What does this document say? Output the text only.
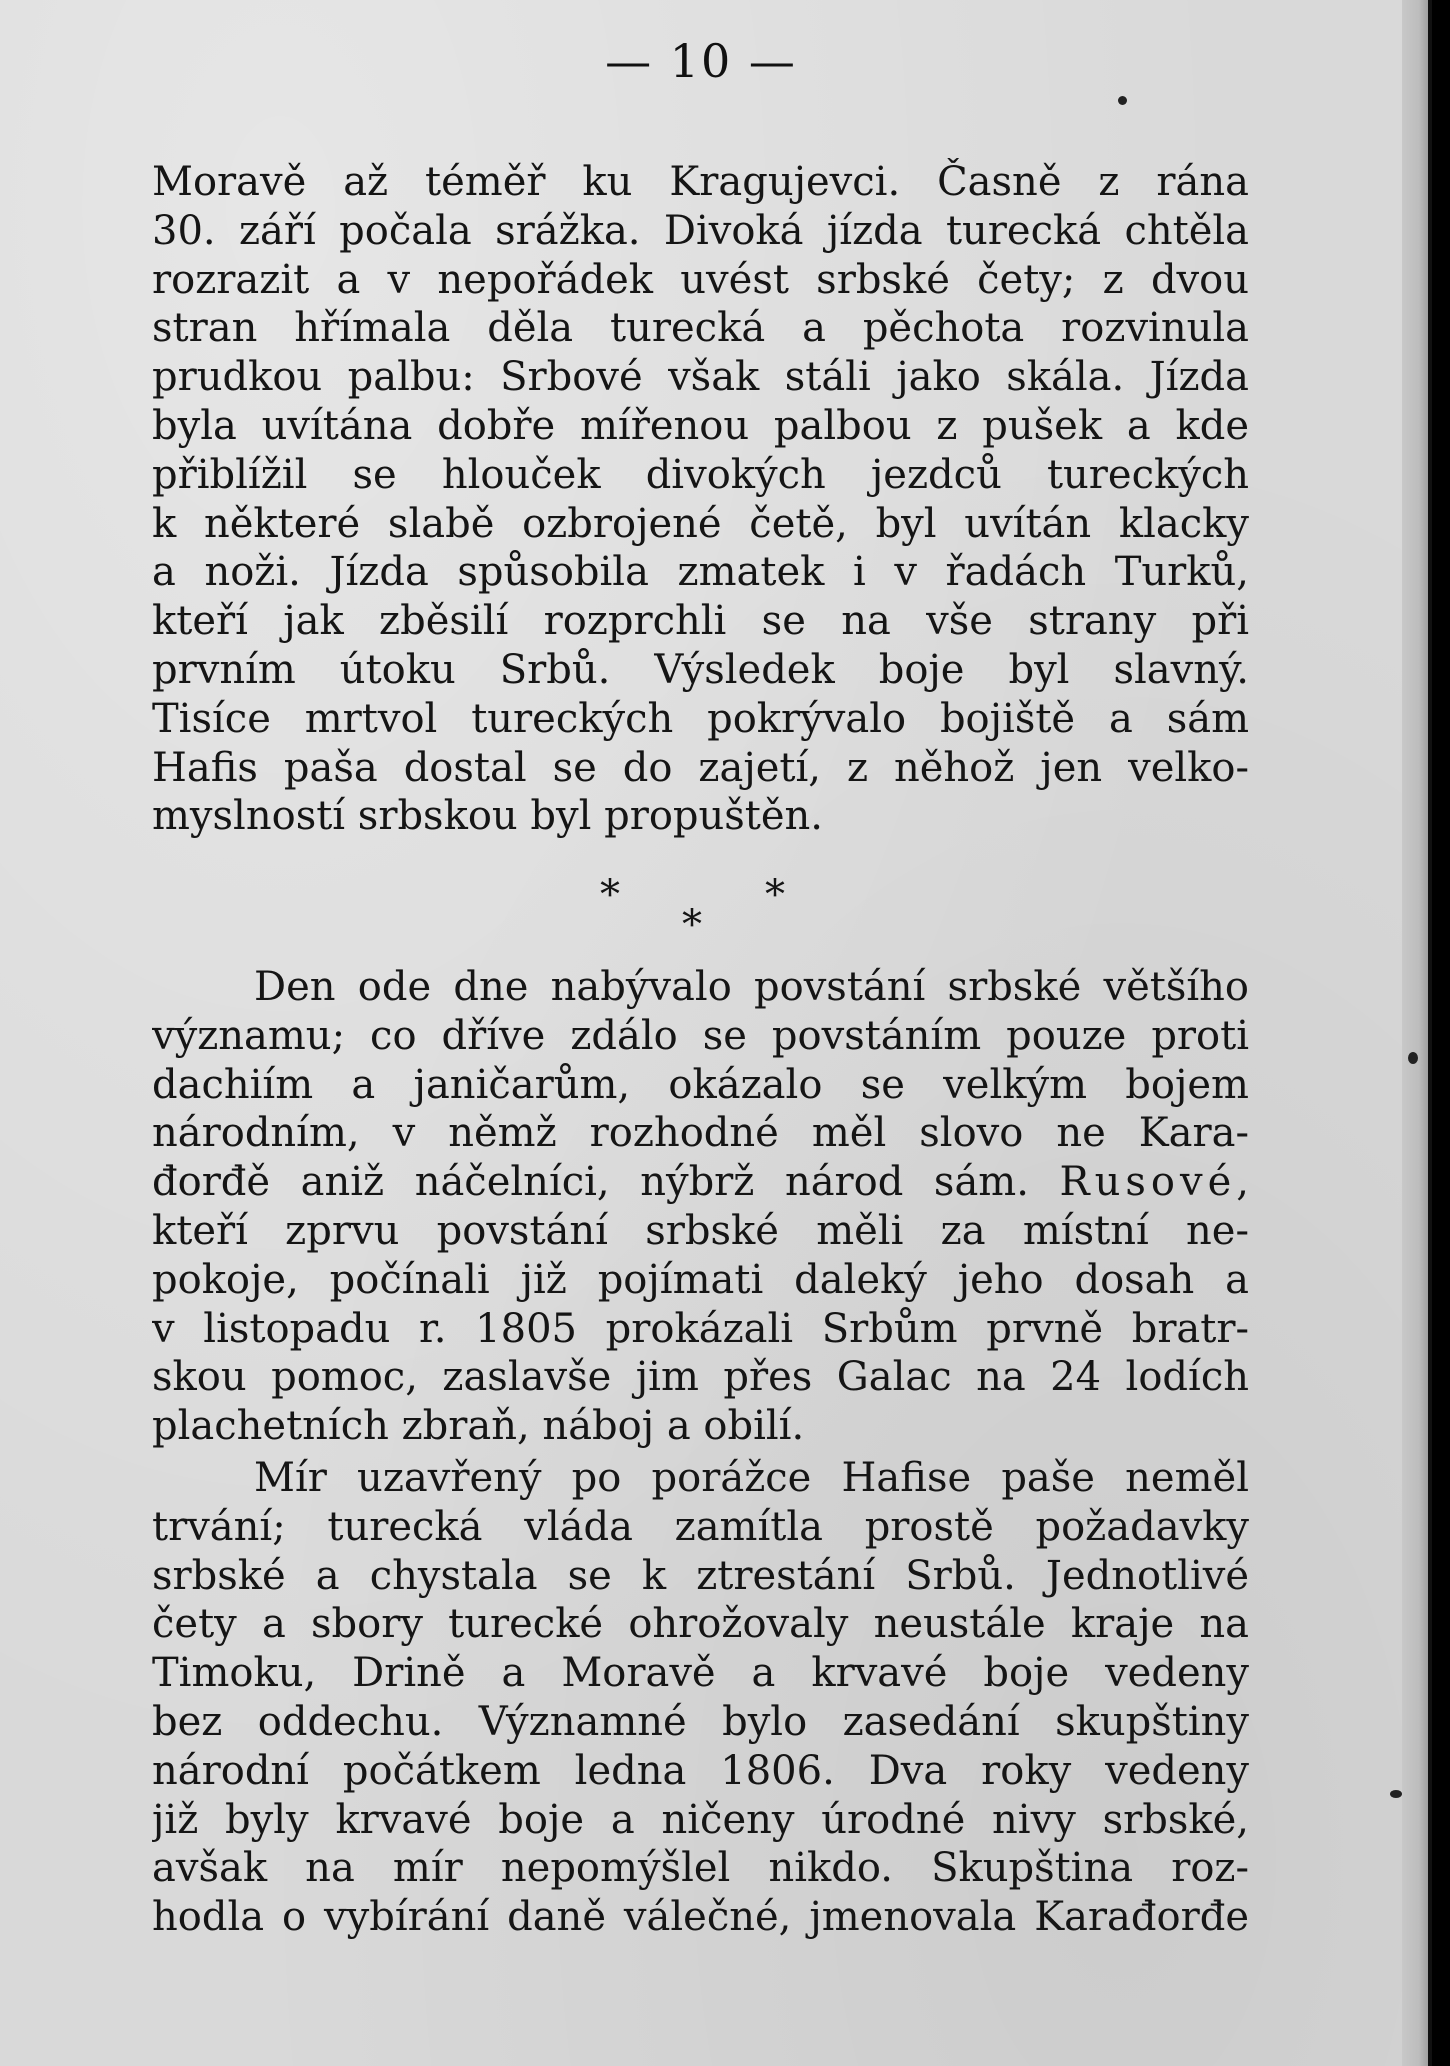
— 10 —
Moravě až téměř ku Kragujevci. Časně z rána
30. září počala srážka. Divoká jízda turecká chtěla
rozrazit a v nepořádek uvést srbské čety; z dvou
stran hřímala děla turecká a pěchota rozvinula
prudkou palbu: Srbové však stáli jako skála. Jízda
byla uvítána dobře mířenou palbou z pušek a kde
přiblížil se hlouček divokých jezdců tureckých
k některé slabě ozbrojené četě, byl uvítán klacky
a noži. Jízda spůsobila zmatek i v řadách Turků,
kteří jak zběsilí rozprchli se na vše strany při
prvním útoku Srbů. Výsledek boje byl slavný.
Tisíce mrtvol tureckých pokrývalo bojiště a sám
Hafis paša dostal se do zajetí, z něhož jen velko-
myslností srbskou byl propuštěn.
*	*
*
Den ode dne nabývalo povstání srbské většího
významu; co dříve zdálo se povstáním pouze proti
dachiím a janičarům, okázalo se velkým bojem
národním, v němž rozhodné měl slovo ne Kara-
đorđě aniž náčelníci, nýbrž národ sám. Rusové,
kteří zprvu povstání srbské měli za místní ne-
pokoje, počínali již pojímati daleký jeho dosah a
v listopadu r. 1805 prokázali Srbům prvně bratr-
skou pomoc, zaslavše jim přes Galac na 24 lodích
plachetních zbraň, náboj a obilí.
Mír uzavřený po porážce Hafise paše neměl
trvání; turecká vláda zamítla prostě požadavky
srbské a chystala se k ztrestání Srbů. Jednotlivé
čety a sbory turecké ohrožovaly neustále kraje na
Timoku, Drině a Moravě a krvavé boje vedeny
bez oddechu. Významné bylo zasedání skupštiny
národní počátkem ledna 1806. Dva roky vedeny
již byly krvavé boje a ničeny úrodné nivy srbské,
avšak na mír nepomýšlel nikdo. Skupština roz-
hodla o vybírání daně válečné, jmenovala Karađorđe
